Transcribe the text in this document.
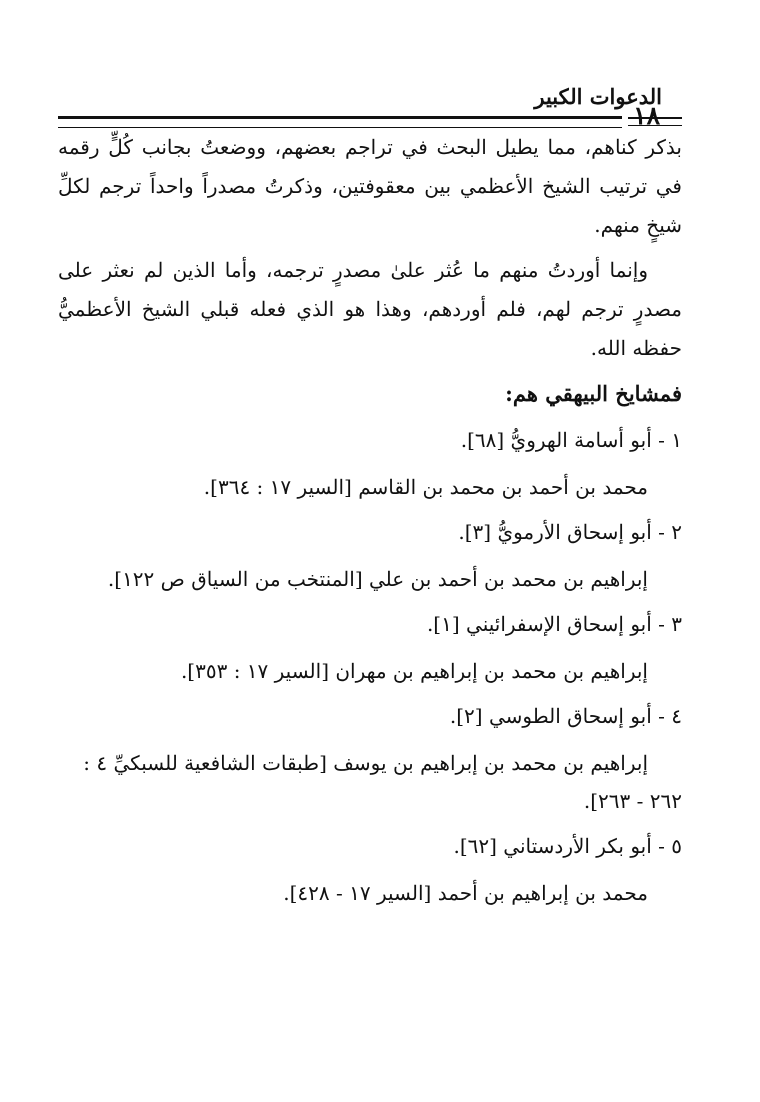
الدعوات الكبير
١٨

بذكر كناهم، مما يطيل البحث في تراجم بعضهم، ووضعتُ بجانب كُلٍّ رقمه في ترتيب الشيخ الأعظمي بين معقوفتين، وذكرتُ مصدراً واحداً ترجم لكلِّ شيخٍ منهم.

وإنما أوردتُ منهم ما عُثر علىٰ مصدرٍ ترجمه، وأما الذين لم نعثر على مصدرٍ ترجم لهم، فلم أوردهم، وهذا هو الذي فعله قبلي الشيخ الأعظميُّ حفظه الله.

فمشايخ البيهقي هم:
١ - أبو أسامة الهرويُّ [٦٨].
محمد بن أحمد بن محمد بن القاسم [السير ١٧ : ٣٦٤].
٢ - أبو إسحاق الأرمويُّ [٣].
إبراهيم بن محمد بن أحمد بن علي [المنتخب من السياق ص ١٢٢].
٣ - أبو إسحاق الإسفرائيني [١].
إبراهيم بن محمد بن إبراهيم بن مهران [السير ١٧ : ٣٥٣].
٤ - أبو إسحاق الطوسي [٢].
إبراهيم بن محمد بن إبراهيم بن يوسف [طبقات الشافعية للسبكيِّ ٤ : ٢٦٢ - ٢٦٣].
٥ - أبو بكر الأردستاني [٦٢].
محمد بن إبراهيم بن أحمد [السير ١٧ - ٤٢٨].
